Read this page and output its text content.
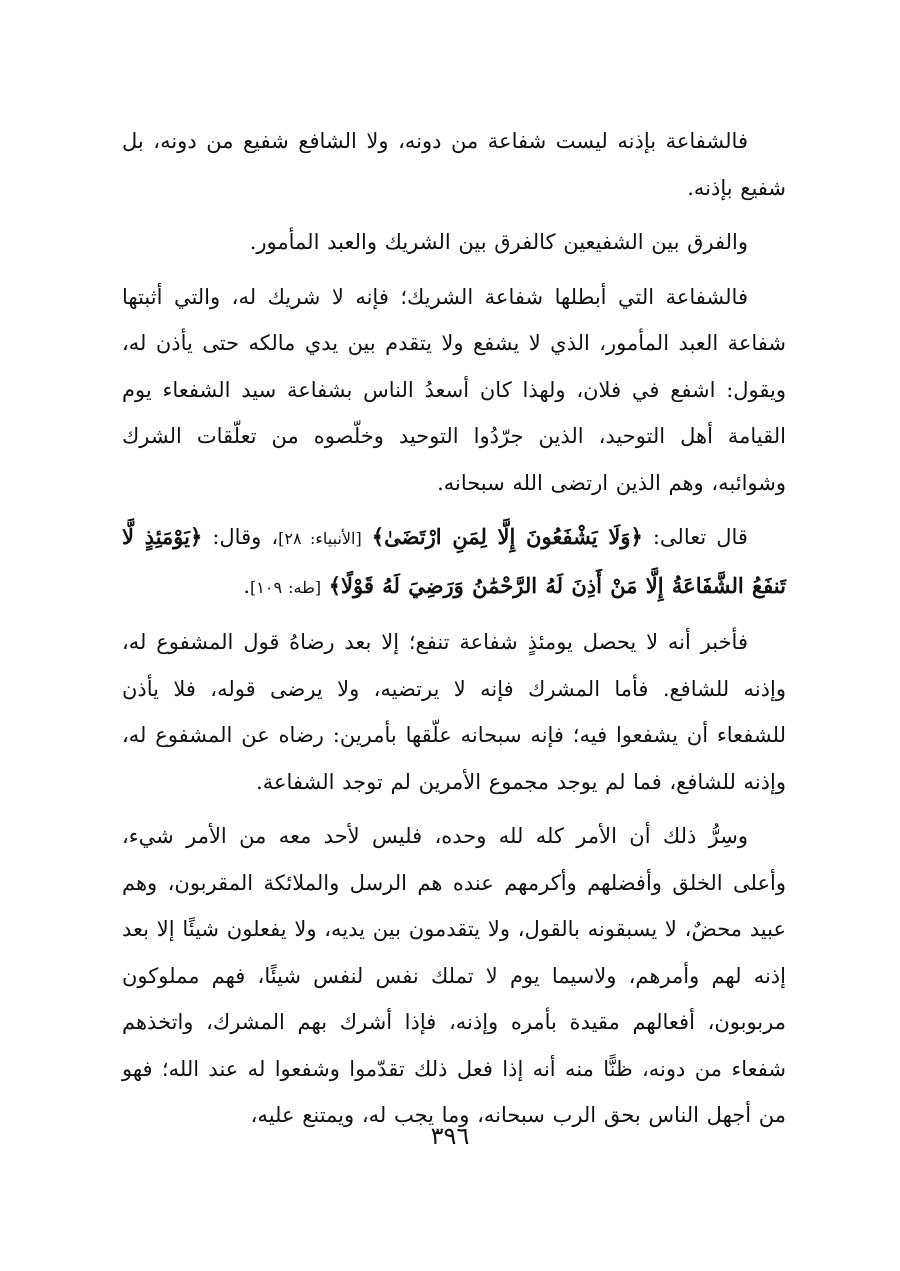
فالشفاعة بإذنه ليست شفاعة من دونه، ولا الشافع شفيع من دونه، بل شفيع بإذنه.

والفرق بين الشفيعين كالفرق بين الشريك والعبد المأمور.

فالشفاعة التي أبطلها شفاعة الشريك؛ فإنه لا شريك له، والتي أثبتها شفاعة العبد المأمور، الذي لا يشفع ولا يتقدم بين يدي مالكه حتى يأذن له، ويقول: اشفع في فلان، ولهذا كان أسعدُ الناس بشفاعة سيد الشفعاء يوم القيامة أهل التوحيد، الذين جرّدُوا التوحيد وخلّصوه من تعلّقات الشرك وشوائبه، وهم الذين ارتضى الله سبحانه.

قال تعالى: ﴿وَلَا يَشْفَعُونَ إِلَّا لِمَنِ ارْتَضَىٰ﴾ [الأنبياء: ٢٨]، وقال: ﴿يَوْمَئِذٍ لَّا تَنفَعُ الشَّفَاعَةُ إِلَّا مَنْ أَذِنَ لَهُ الرَّحْمَٰنُ وَرَضِيَ لَهُ قَوْلًا﴾ [طه: ١٠٩].

فأخبر أنه لا يحصل يومئذٍ شفاعة تنفع؛ إلا بعد رضاهُ قول المشفوع له، وإذنه للشافع. فأما المشرك فإنه لا يرتضيه، ولا يرضى قوله، فلا يأذن للشفعاء أن يشفعوا فيه؛ فإنه سبحانه علّقها بأمرين: رضاه عن المشفوع له، وإذنه للشافع، فما لم يوجد مجموع الأمرين لم توجد الشفاعة.

وسِرُّ ذلك أن الأمر كله لله وحده، فليس لأحد معه من الأمر شيء، وأعلى الخلق وأفضلهم وأكرمهم عنده هم الرسل والملائكة المقربون، وهم عبيد محضٌ، لا يسبقونه بالقول، ولا يتقدمون بين يديه، ولا يفعلون شيئًا إلا بعد إذنه لهم وأمرهم، ولاسيما يوم لا تملك نفس لنفس شيئًا، فهم مملوكون مربوبون، أفعالهم مقيدة بأمره وإذنه، فإذا أشرك بهم المشرك، واتخذهم شفعاء من دونه، ظنًّا منه أنه إذا فعل ذلك تقدّموا وشفعوا له عند الله؛ فهو من أجهل الناس بحق الرب سبحانه، وما يجب له، ويمتنع عليه،

٣٩٦
